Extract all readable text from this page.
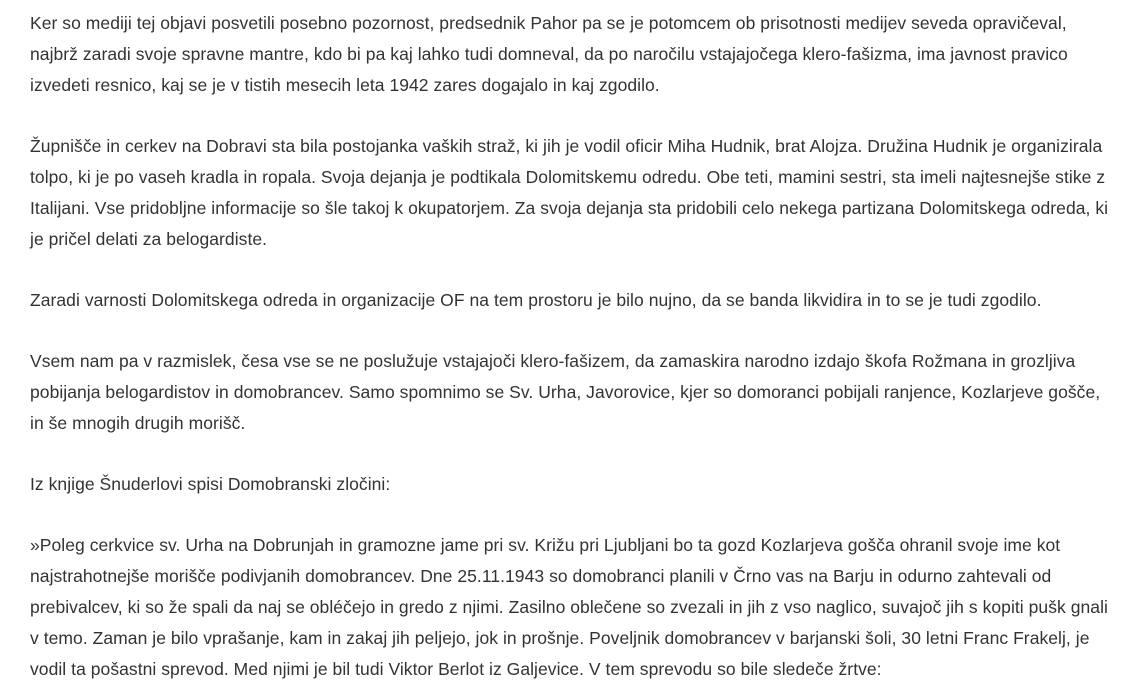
Ker so mediji tej objavi posvetili posebno pozornost, predsednik Pahor pa se je potomcem ob prisotnosti medijev seveda opravičeval, najbrž zaradi svoje spravne mantre, kdo bi pa kaj lahko tudi domneval, da po naročilu vstajajočega klero-fašizma, ima javnost pravico izvedeti resnico, kaj se je v tistih mesecih leta 1942 zares dogajalo in kaj zgodilo.

Župnišče in cerkev na Dobravi sta bila postojanka vaških straž, ki jih je vodil oficir Miha Hudnik, brat Alojza. Družina Hudnik je organizirala tolpo, ki je po vaseh kradla in ropala. Svoja dejanja je podtikala Dolomitskemu odredu. Obe teti, mamini sestri, sta imeli najtesnejše stike z Italijani. Vse pridobljne informacije so šle takoj k okupatorjem. Za svoja dejanja sta pridobili celo nekega partizana Dolomitskega odreda, ki je pričel delati za belogardiste.

Zaradi varnosti Dolomitskega odreda in organizacije OF na tem prostoru je bilo nujno, da se banda likvidira in to se je tudi zgodilo.

Vsem nam pa v razmislek, česa vse se ne poslužuje vstajajoči klero-fašizem, da zamaskira narodno izdajo škofa Rožmana in grozljiva pobijanja belogardistov in domobrancev. Samo spomnimo se Sv. Urha, Javorovice, kjer so domoranci pobijali ranjence, Kozlarjeve gošče, in še mnogih drugih morišč.

Iz knjige Šnuderlovi spisi Domobranski zločini:

»Poleg cerkvice sv. Urha na Dobrunjah in gramozne jame pri sv. Križu pri Ljubljani bo ta gozd Kozlarjeva gošča ohranil svoje ime kot najstrahotnejše morišče podivjanih domobrancev. Dne 25.11.1943 so domobranci planili v Črno vas na Barju in odurno zahtevali od prebivalcev, ki so že spali da naj se obléčejo in gredo z njimi. Zasilno oblečene so zvezali in jih z vso naglico, suvajoč jih s kopiti pušk gnali v temo. Zaman je bilo vprašanje, kam in zakaj jih peljejo, jok in prošnje. Poveljnik domobrancev v barjanski šoli, 30 letni Franc Frakelj, je vodil ta pošastni sprevod. Med njimi je bil tudi Viktor Berlot iz Galjevice. V tem sprevodu so bile sledeče žrtve:
